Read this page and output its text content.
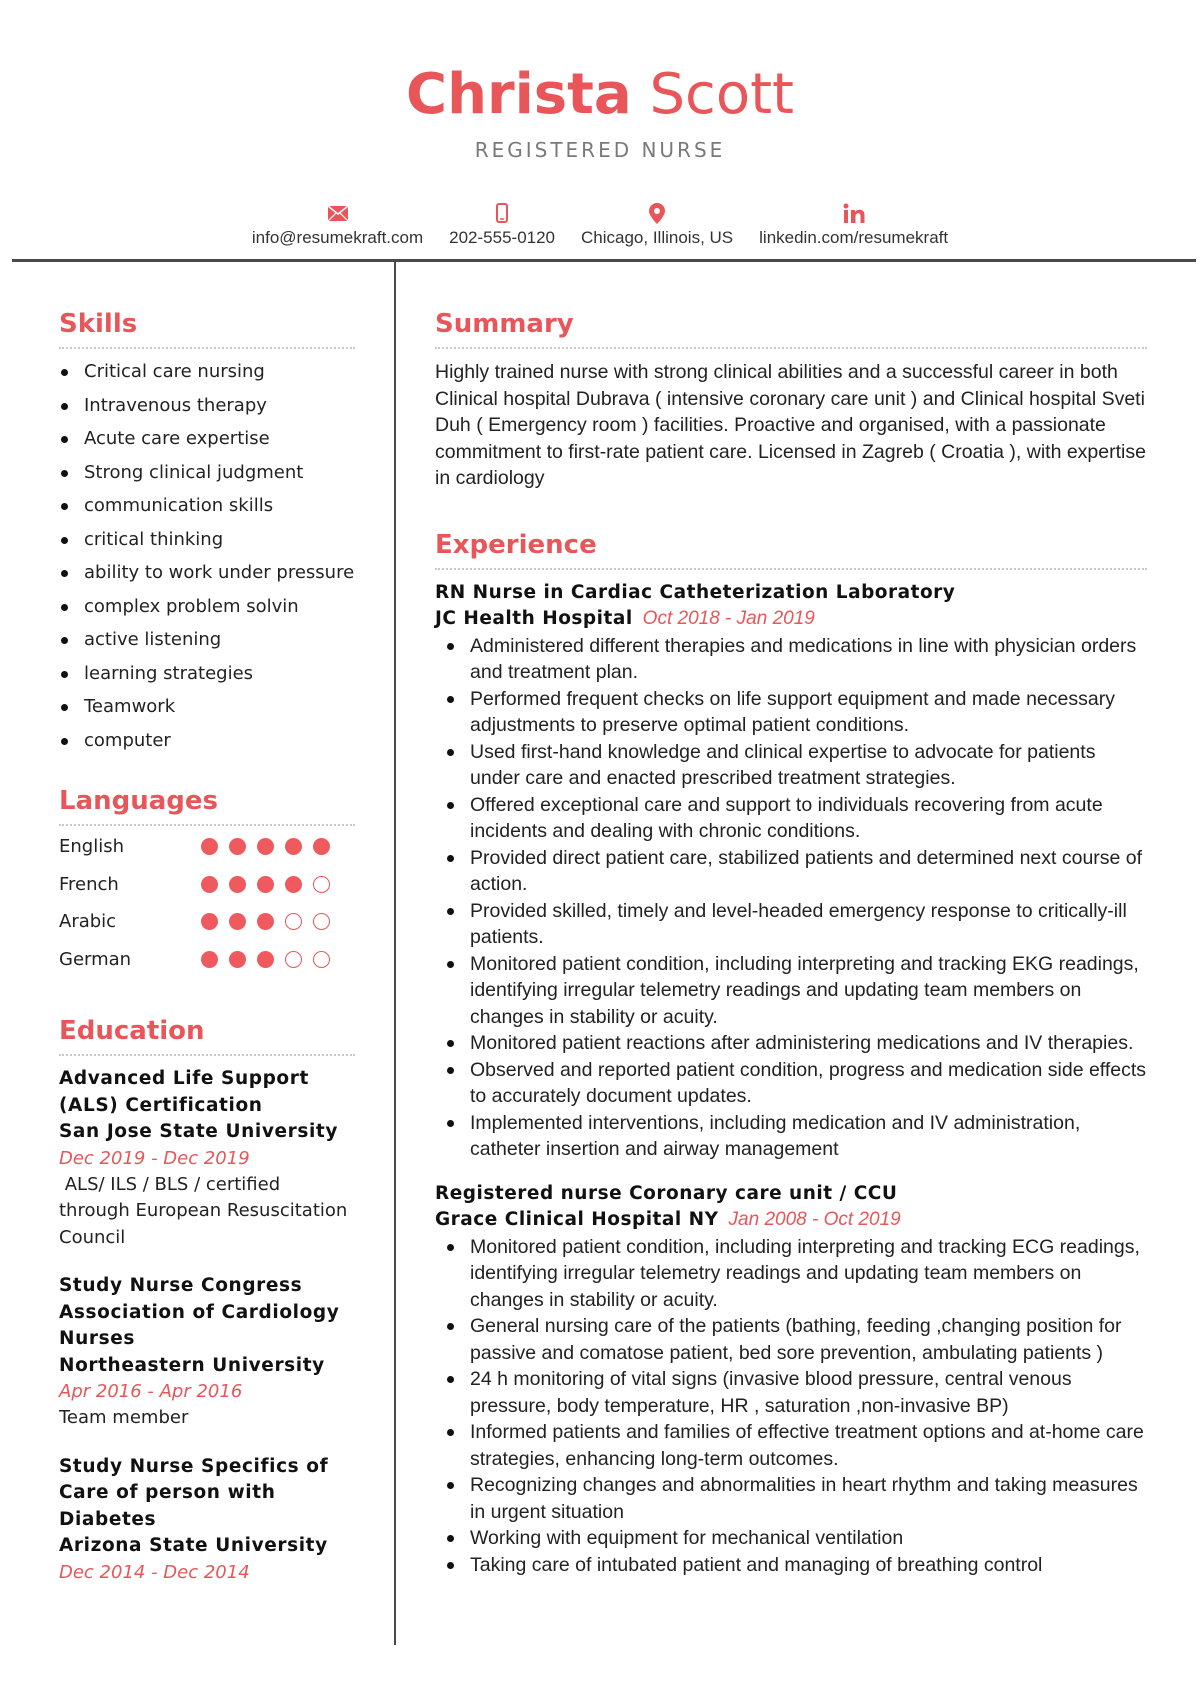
Christa Scott
REGISTERED NURSE
info@resumekraft.com 202-555-0120 Chicago, Illinois, US linkedin.com/resumekraft
Skills
Critical care nursing
Intravenous therapy
Acute care expertise
Strong clinical judgment
communication skills
critical thinking
ability to work under pressure
complex problem solvin
active listening
learning strategies
Teamwork
computer
Languages
English
French
Arabic
German
Education
Advanced Life Support (ALS) Certification
San Jose State University
Dec 2019 - Dec 2019
ALS/ ILS / BLS / certified through European Resuscitation Council
Study Nurse Congress Association of Cardiology Nurses
Northeastern University
Apr 2016 - Apr 2016
Team member
Study Nurse Specifics of Care of person with Diabetes
Arizona State University
Dec 2014 - Dec 2014
Summary

Highly trained nurse with strong clinical abilities and a successful career in both Clinical hospital Dubrava ( intensive coronary care unit ) and Clinical hospital Sveti Duh ( Emergency room ) facilities. Proactive and organised, with a passionate commitment to first-rate patient care. Licensed in Zagreb ( Croatia ), with expertise in cardiology

Experience
RN Nurse in Cardiac Catheterization Laboratory
JC Health Hospital Oct 2018 - Jan 2019
Administered different therapies and medications in line with physician orders and treatment plan.
Performed frequent checks on life support equipment and made necessary adjustments to preserve optimal patient conditions.
Used first-hand knowledge and clinical expertise to advocate for patients under care and enacted prescribed treatment strategies.
Offered exceptional care and support to individuals recovering from acute incidents and dealing with chronic conditions.
Provided direct patient care, stabilized patients and determined next course of action.
Provided skilled, timely and level-headed emergency response to critically-ill patients.
Monitored patient condition, including interpreting and tracking EKG readings, identifying irregular telemetry readings and updating team members on changes in stability or acuity.
Monitored patient reactions after administering medications and IV therapies.
Observed and reported patient condition, progress and medication side effects to accurately document updates.
Implemented interventions, including medication and IV administration, catheter insertion and airway management
Registered nurse Coronary care unit / CCU
Grace Clinical Hospital NY Jan 2008 - Oct 2019
Monitored patient condition, including interpreting and tracking ECG readings, identifying irregular telemetry readings and updating team members on changes in stability or acuity.
General nursing care of the patients (bathing, feeding ,changing position for passive and comatose patient, bed sore prevention, ambulating patients )
24 h monitoring of vital signs (invasive blood pressure, central venous pressure, body temperature, HR , saturation ,non-invasive BP)
Informed patients and families of effective treatment options and at-home care strategies, enhancing long-term outcomes.
Recognizing changes and abnormalities in heart rhythm and taking measures in urgent situation
Working with equipment for mechanical ventilation
Taking care of intubated patient and managing of breathing control
